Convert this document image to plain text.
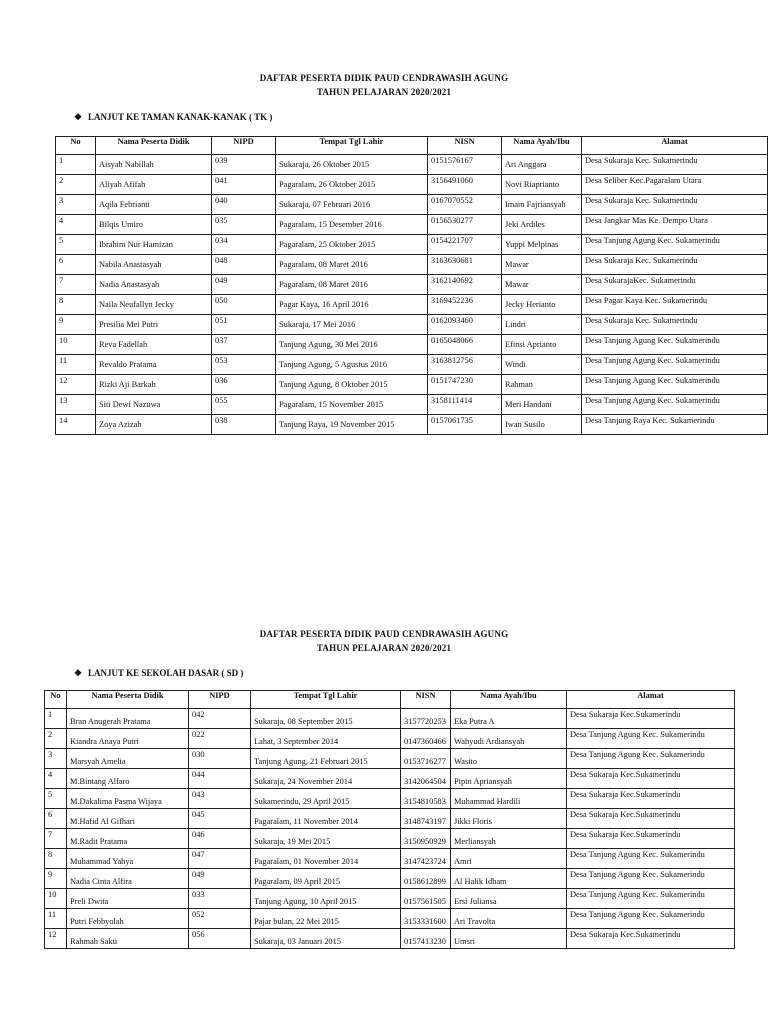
DAFTAR PESERTA DIDIK PAUD CENDRAWASIH AGUNG
TAHUN PELAJARAN 2020/2021
❖ LANJUT KE TAMAN KANAK-KANAK ( TK )
No	Nama Peserta Didik	NIPD	Tempat Tgl Lahir	NISN	Nama Ayah/Ibu	Alamat
1	Aisyah Nabillah	039	Sukaraja, 26 Oktober 2015	0151576167	Ari Anggara	Desa Sukaraja Kec. Sukamerindu
2	Aliyah Afifah	041	Pagaralam, 26 Oktober 2015	3156491060	Novi Riaprianto	Desa Seliber Kec.Pagaralam Utara
3	Aqila Febrianti	040	Sukaraja, 07 Februari 2016	0167070552	Imam Fajriansyah	Desa Sukaraja Kec. Sukamerindu
4	Bilqis Umiro	035	Pagaralam, 15 Desember 2016	0156530277	Jeki Ardiles	Desa Jangkar Mas Ke. Dempo Utara
5	Ibrahim Nur Hamizan	034	Pagaralam, 25 Oktober 2015	0154221707	Yuppi Melpinas	Desa Tanjung Agung Kec. Sukamerindu
6	Nabila Anastasyah	048	Pagaralam, 08 Maret 2016	3163630681	Mawar	Desa Sukaraja Kec. Sukamerindu
7	Nadia Anastasyah	049	Pagaralam, 08 Maret 2016	3162140692	Mawar	Desa SukarajaKec. Sukamerindu
8	Naila Neufallyn Jecky	050	Pagar Kaya, 16 April 2016	3169452236	Jecky Herianto	Desa Pagar Kaya Kec. Sukamerindu
9	Presilia Mei Putri	051	Sukaraja, 17 Mei 2016	0162093460	Lindri	Desa Sukaraja Kec. Sukamerindu
10	Reva Fadellah	037	Tanjung Agung, 30 Mei 2016	0165048066	Efinsi Aprianto	Desa Tanjung Agung Kec. Sukamerindu
11	Revaldo Pratama	053	Tanjung Agung, 5 Agustus 2016	3163812756	Windi	Desa Tanjung Agung Kec. Sukamerindu
12	Rizki Aji Barkah	036	Tanjung Agung, 8 Oktober 2015	0151747230	Rahman	Desa Tanjung Agung Kec. Sukamerindu
13	Siti Dewi Nazuwa	055	Pagaralam, 15 November 2015	3158111414	Meri Handani	Desa Tanjung Agung Kec. Sukamerindu
14	Zoya Azizah	038	Tanjung Raya, 19 November 2015	0157061735	Iwan Susilo	Desa Tanjung Raya Kec. Sukamerindu
DAFTAR PESERTA DIDIK PAUD CENDRAWASIH AGUNG
TAHUN PELAJARAN 2020/2021
❖ LANJUT KE SEKOLAH DASAR ( SD )
No	Nama Peserta Didik	NIPD	Tempat Tgl Lahir	NISN	Nama Ayah/Ibu	Alamat
1	Bran Anugerah Pratama	042	Sukaraja, 08 September 2015	3157720253	Eka Putra A	Desa Sukaraja Kec.Sukamerindu
2	Kiandra Anaya Putri	022	Lahat, 3 September 2014	0147360466	Wahyudi Ardiansyah	Desa Tanjung Agung Kec. Sukamerindu
3	Marsyah Amelia	030	Tanjung Agung, 21 Februari 2015	0153716277	Wasito	Desa Tanjung Agung Kec. Sukamerindu
4	M.Bintang Alfaro	044	Sukaraja, 24 November 2014	3142064504	Pipin Apriansyah	Desa Sukaraja Kec.Sukamerindu
5	M.Dakalima Pasma Wijaya	043	Sukamerindu, 29 April 2015	3154810583	Muhammad Hardili	Desa Sukaraja Kec.Sukamerindu
6	M.Hafid Al Gifhari	045	Pagaralam, 11 November 2014	3148743197	Jikki Floris	Desa Sukaraja Kec.Sukamerindu
7	M.Radit Pratama	046	Sukaraja, 19 Mei 2015	3150950929	Merliansyah	Desa Sukaraja Kec.Sukamerindu
8	Muhammad Yahya	047	Pagaralam, 01 November 2014	3147423724	Amri	Desa Tanjung Agung Kec. Sukamerindu
9	Nadia Cinta Alfira	049	Pagaralam, 09 April 2015	0158612899	Al Halik Idham	Desa Tanjung Agung Kec. Sukamerindu
10	Preli Dwita	033	Tanjung Agung, 10 April 2015	0157561505	Ersi Juliansa	Desa Tanjung Agung Kec. Sukamerindu
11	Putri Febbyolah	052	Pajar bulan, 22 Mei 2015	3153331600	Ari Travolta	Desa Tanjung Agung Kec. Sukamerindu
12	Rahmah Sakti	056	Sukaraja, 03 Januari 2015	0157413230	Umsri	Desa Sukaraja Kec.Sukamerindu
